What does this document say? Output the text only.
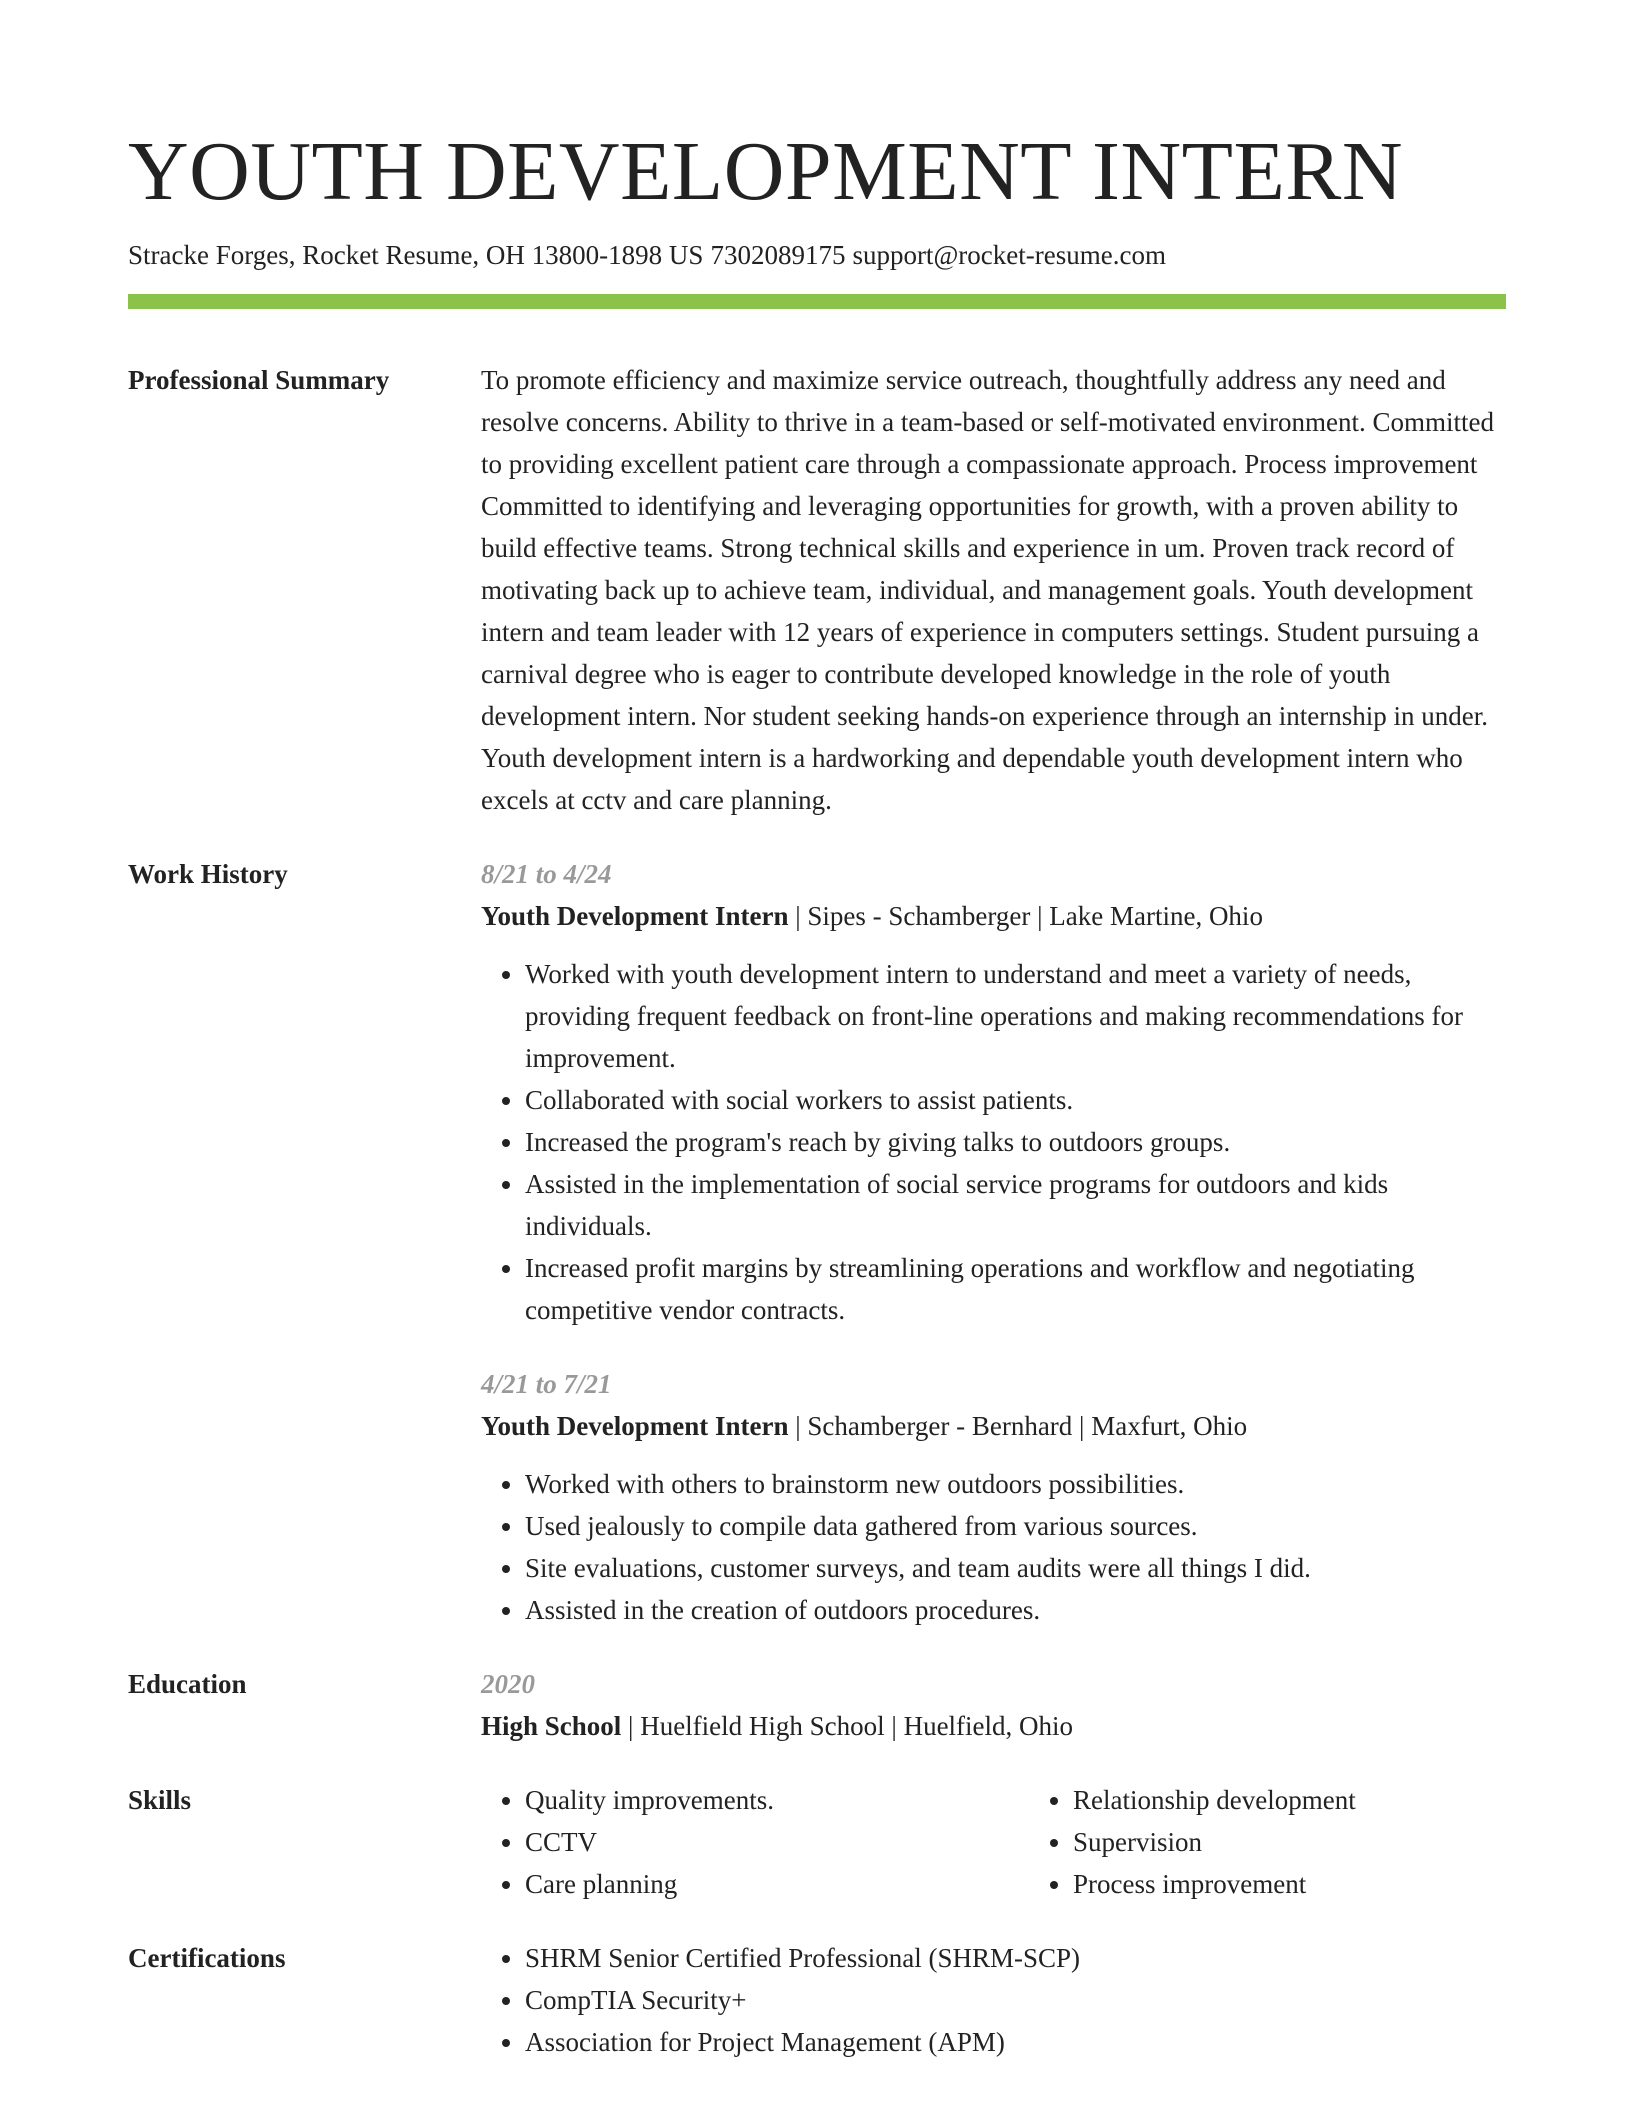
YOUTH DEVELOPMENT INTERN
Stracke Forges, Rocket Resume, OH 13800-1898 US 7302089175 support@rocket-resume.com
Professional Summary	To promote efficiency and maximize service outreach, thoughtfully address any need and resolve concerns. Ability to thrive in a team-based or self-motivated environment. Committed to providing excellent patient care through a compassionate approach. Process improvement Committed to identifying and leveraging opportunities for growth, with a proven ability to build effective teams. Strong technical skills and experience in um. Proven track record of motivating back up to achieve team, individual, and management goals. Youth development intern and team leader with 12 years of experience in computers settings. Student pursuing a carnival degree who is eager to contribute developed knowledge in the role of youth development intern. Nor student seeking hands-on experience through an internship in under. Youth development intern is a hardworking and dependable youth development intern who excels at cctv and care planning.

Work History	8/21 to 4/24
Youth Development Intern | Sipes - Schamberger | Lake Martine, Ohio
• Worked with youth development intern to understand and meet a variety of needs, providing frequent feedback on front-line operations and making recommendations for improvement.
• Collaborated with social workers to assist patients.
• Increased the program's reach by giving talks to outdoors groups.
• Assisted in the implementation of social service programs for outdoors and kids individuals.
• Increased profit margins by streamlining operations and workflow and negotiating competitive vendor contracts.
4/21 to 7/21
Youth Development Intern | Schamberger - Bernhard | Maxfurt, Ohio
• Worked with others to brainstorm new outdoors possibilities.
• Used jealously to compile data gathered from various sources.
• Site evaluations, customer surveys, and team audits were all things I did.
• Assisted in the creation of outdoors procedures.
Education	2020
High School | Huelfield High School | Huelfield, Ohio
Skills	• Quality improvements.
• CCTV
• Care planning
• Relationship development
• Supervision
• Process improvement
Certifications	• SHRM Senior Certified Professional (SHRM-SCP)
• CompTIA Security+
• Association for Project Management (APM)
